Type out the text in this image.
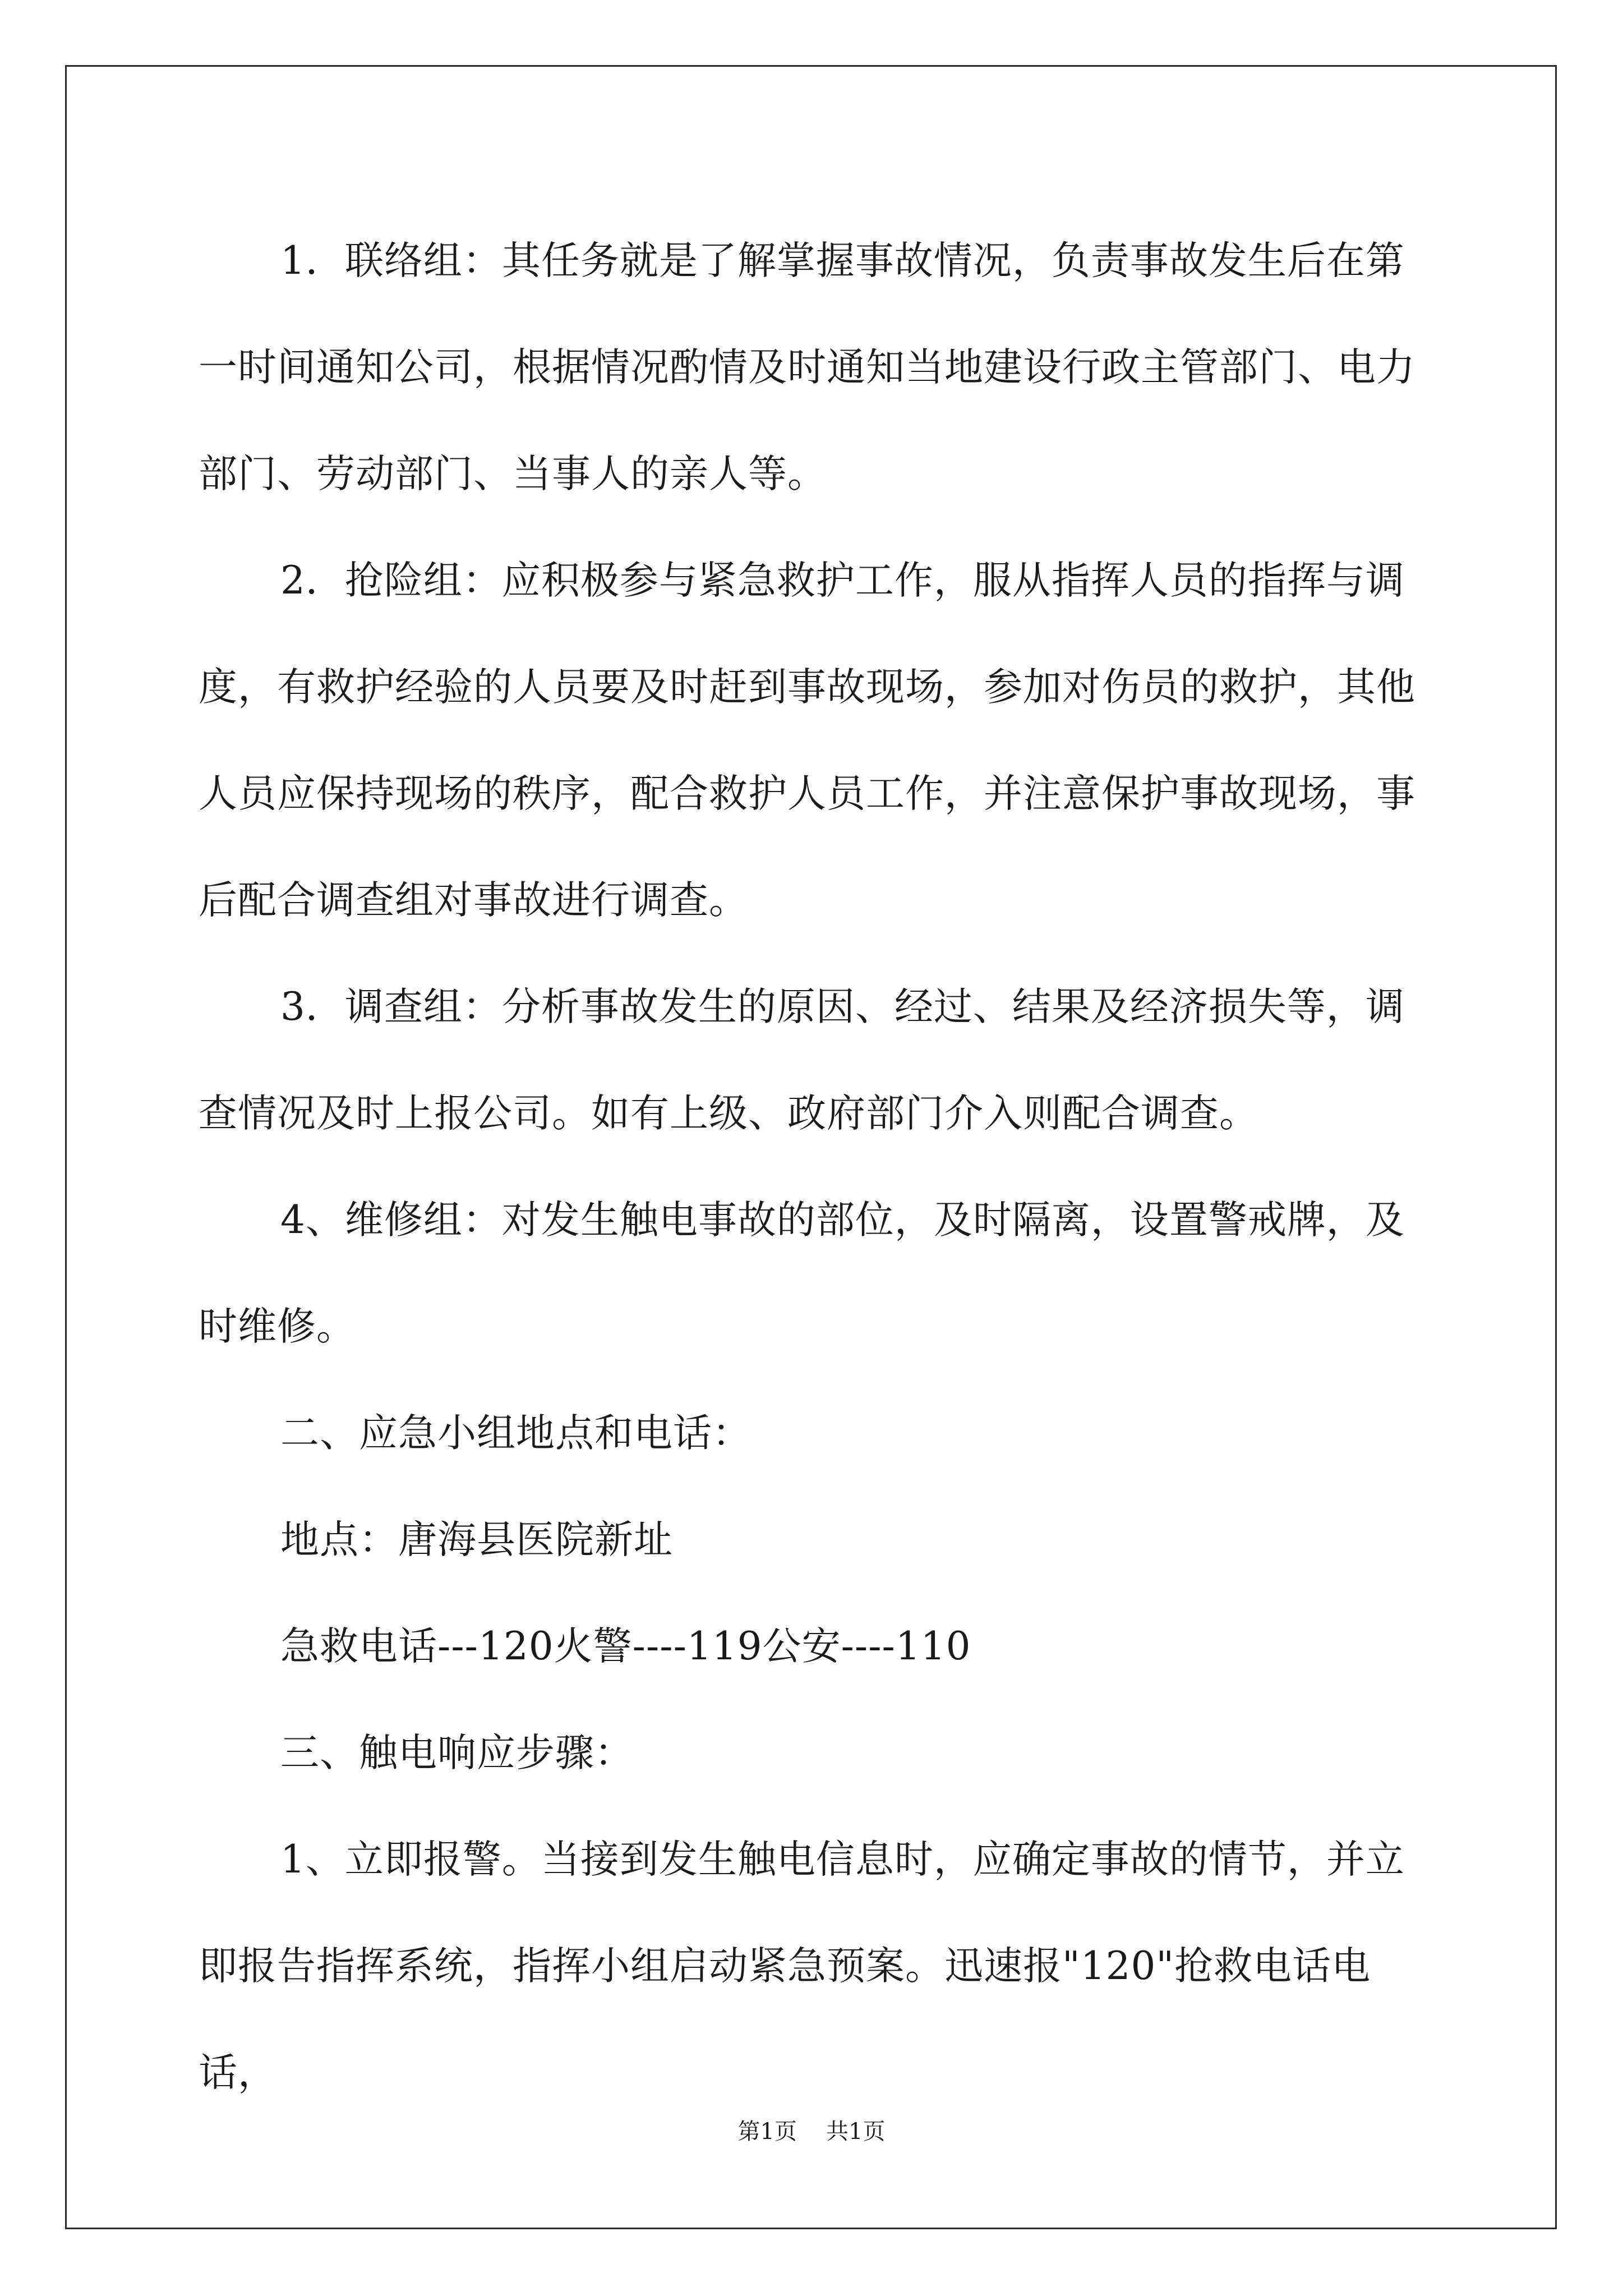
1．联络组：其任务就是了解掌握事故情况，负责事故发生后在第一时间通知公司，根据情况酌情及时通知当地建设行政主管部门、电力部门、劳动部门、当事人的亲人等。

2．抢险组：应积极参与紧急救护工作，服从指挥人员的指挥与调度，有救护经验的人员要及时赶到事故现场，参加对伤员的救护，其他人员应保持现场的秩序，配合救护人员工作，并注意保护事故现场，事后配合调查组对事故进行调查。

3．调查组：分析事故发生的原因、经过、结果及经济损失等，调查情况及时上报公司。如有上级、政府部门介入则配合调查。

4、维修组：对发生触电事故的部位，及时隔离，设置警戒牌，及时维修。

二、应急小组地点和电话：

地点：唐海县医院新址

急救电话---120火警----119公安----110

三、触电响应步骤：

1、立即报警。当接到发生触电信息时，应确定事故的情节，并立即报告指挥系统，指挥小组启动紧急预案。迅速报"120"抢救电话电话，

第1页 共1页
